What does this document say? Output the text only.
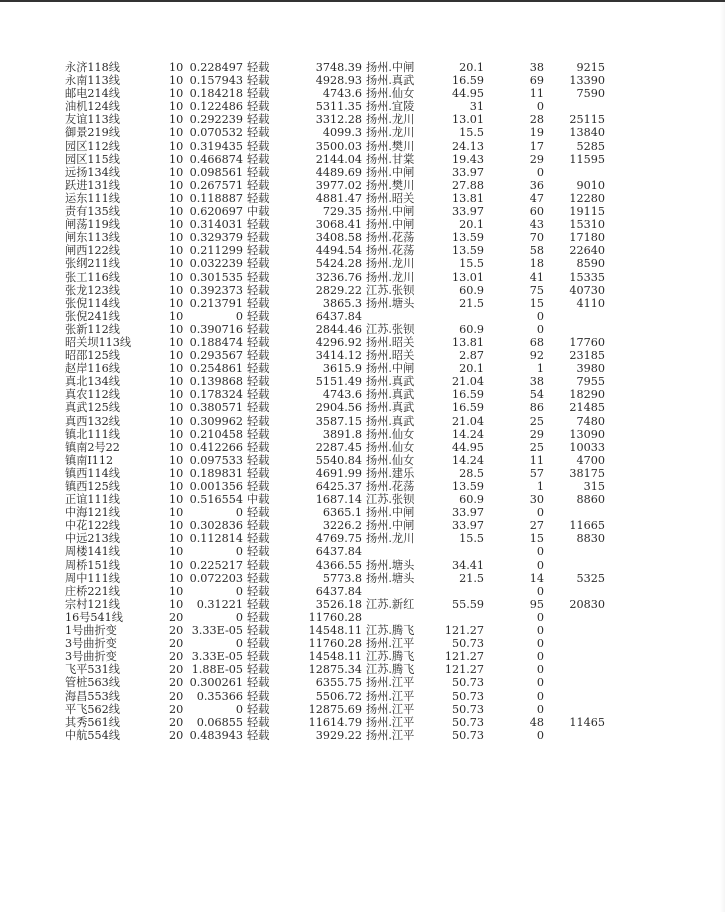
永济118线	10 0.228497 轻载	3748.39 扬州.中闸	20.1	38	9215
永南113线	10 0.157943 轻载	4928.93 扬州.真武	16.59	69	13390
邮电214线	10 0.184218 轻载	4743.6 扬州.仙女	44.95	11	7590
油机124线	10 0.122486 轻载	5311.35 扬州.宜陵	31	0
友谊113线	10 0.292239 轻载	3312.28 扬州.龙川	13.01	28	25115
御景219线	10 0.070532 轻载	4099.3 扬州.龙川	15.5	19	13840
园区112线	10 0.319435 轻载	3500.03 扬州.樊川	24.13	17	5285
园区115线	10 0.466874 轻载	2144.04 扬州.甘棠	19.43	29	11595
远扬134线	10 0.098561 轻载	4489.69 扬州.中闸	33.97	0
跃进131线	10 0.267571 轻载	3977.02 扬州.樊川	27.88	36	9010
运东111线	10 0.118887 轻载	4881.47 扬州.昭关	13.81	47	12280
责有135线	10 0.620697 中载	729.35 扬州.中闸	33.97	60	19115
闸荡119线	10 0.314031 轻载	3068.41 扬州.中闸	20.1	43	15310
闸东113线	10 0.329379 轻载	3408.58 扬州.花荡	13.59	70	17180
闸西122线	10 0.211299 轻载	4494.54 扬州.花荡	13.59	58	22640
张纲211线	10 0.032239 轻载	5424.28 扬州.龙川	15.5	18	8590
张工116线	10 0.301535 轻载	3236.76 扬州.龙川	13.01	41	15335
张龙123线	10 0.392373 轻载	2829.22 江苏.张钡	60.9	75	40730
张倪114线	10 0.213791 轻载	3865.3 扬州.塘头	21.5	15	4110
张倪241线	10	0 轻载	6437.84	0
张新112线	10 0.390716 轻载	2844.46 江苏.张钡	60.9	0
昭关坝113线	10 0.188474 轻载	4296.92 扬州.昭关	13.81	68	17760
昭邵125线	10 0.293567 轻载	3414.12 扬州.昭关	2.87	92	23185
赵岸116线	10 0.254861 轻载	3615.9 扬州.中闸	20.1	1	3980
真北134线	10 0.139868 轻载	5151.49 扬州.真武	21.04	38	7955
真农112线	10 0.178324 轻载	4743.6 扬州.真武	16.59	54	18290
真武125线	10 0.380571 轻载	2904.56 扬州.真武	16.59	86	21485
真西132线	10 0.309962 轻载	3587.15 扬州.真武	21.04	25	7480
镇北111线	10 0.210458 轻载	3891.8 扬州.仙女	14.24	29	13090
镇南2号22	10 0.412266 轻载	2287.45 扬州.仙女	44.95	25	10033
镇南Ⅰ112	10 0.097533 轻载	5540.84 扬州.仙女	14.24	11	4700
镇西114线	10 0.189831 轻载	4691.99 扬州.建乐	28.5	57	38175
镇西125线	10 0.001356 轻载	6425.37 扬州.花荡	13.59	1	315
正谊111线	10 0.516554 中载	1687.14 江苏.张钡	60.9	30	8860
中海121线	10	0 轻载	6365.1 扬州.中闸	33.97	0
中花122线	10 0.302836 轻载	3226.2 扬州.中闸	33.97	27	11665
中远213线	10 0.112814 轻载	4769.75 扬州.龙川	15.5	15	8830
周楼141线	10	0 轻载	6437.84	0
周桥151线	10 0.225217 轻载	4366.55 扬州.塘头	34.41	0
周中111线	10 0.072203 轻载	5773.8 扬州.塘头	21.5	14	5325
庄桥221线	10	0 轻载	6437.84	0
宗村121线	10	0.31221 轻载	3526.18 江苏.新红	55.59	95	20830
16号541线	20	0 轻载	11760.28	0
1号曲折变	20 3.33E-05 轻载	14548.11 江苏.腾飞	121.27	0
3号曲折变	20	0 轻载	11760.28 扬州.江平	50.73	0
3号曲折变	20 3.33E-05 轻载	14548.11 江苏.腾飞	121.27	0
飞平531线	20 1.88E-05 轻载	12875.34 江苏.腾飞	121.27	0
管桩563线	20 0.300261 轻载	6355.75 扬州.江平	50.73	0
海昌553线	20	0.35366 轻载	5506.72 扬州.江平	50.73	0
平飞562线	20	0 轻载	12875.69 扬州.江平	50.73	0
其秀561线	20	0.06855 轻载	11614.79 扬州.江平	50.73	48	11465
中航554线	20 0.483943 轻载	3929.22 扬州.江平	50.73	0
